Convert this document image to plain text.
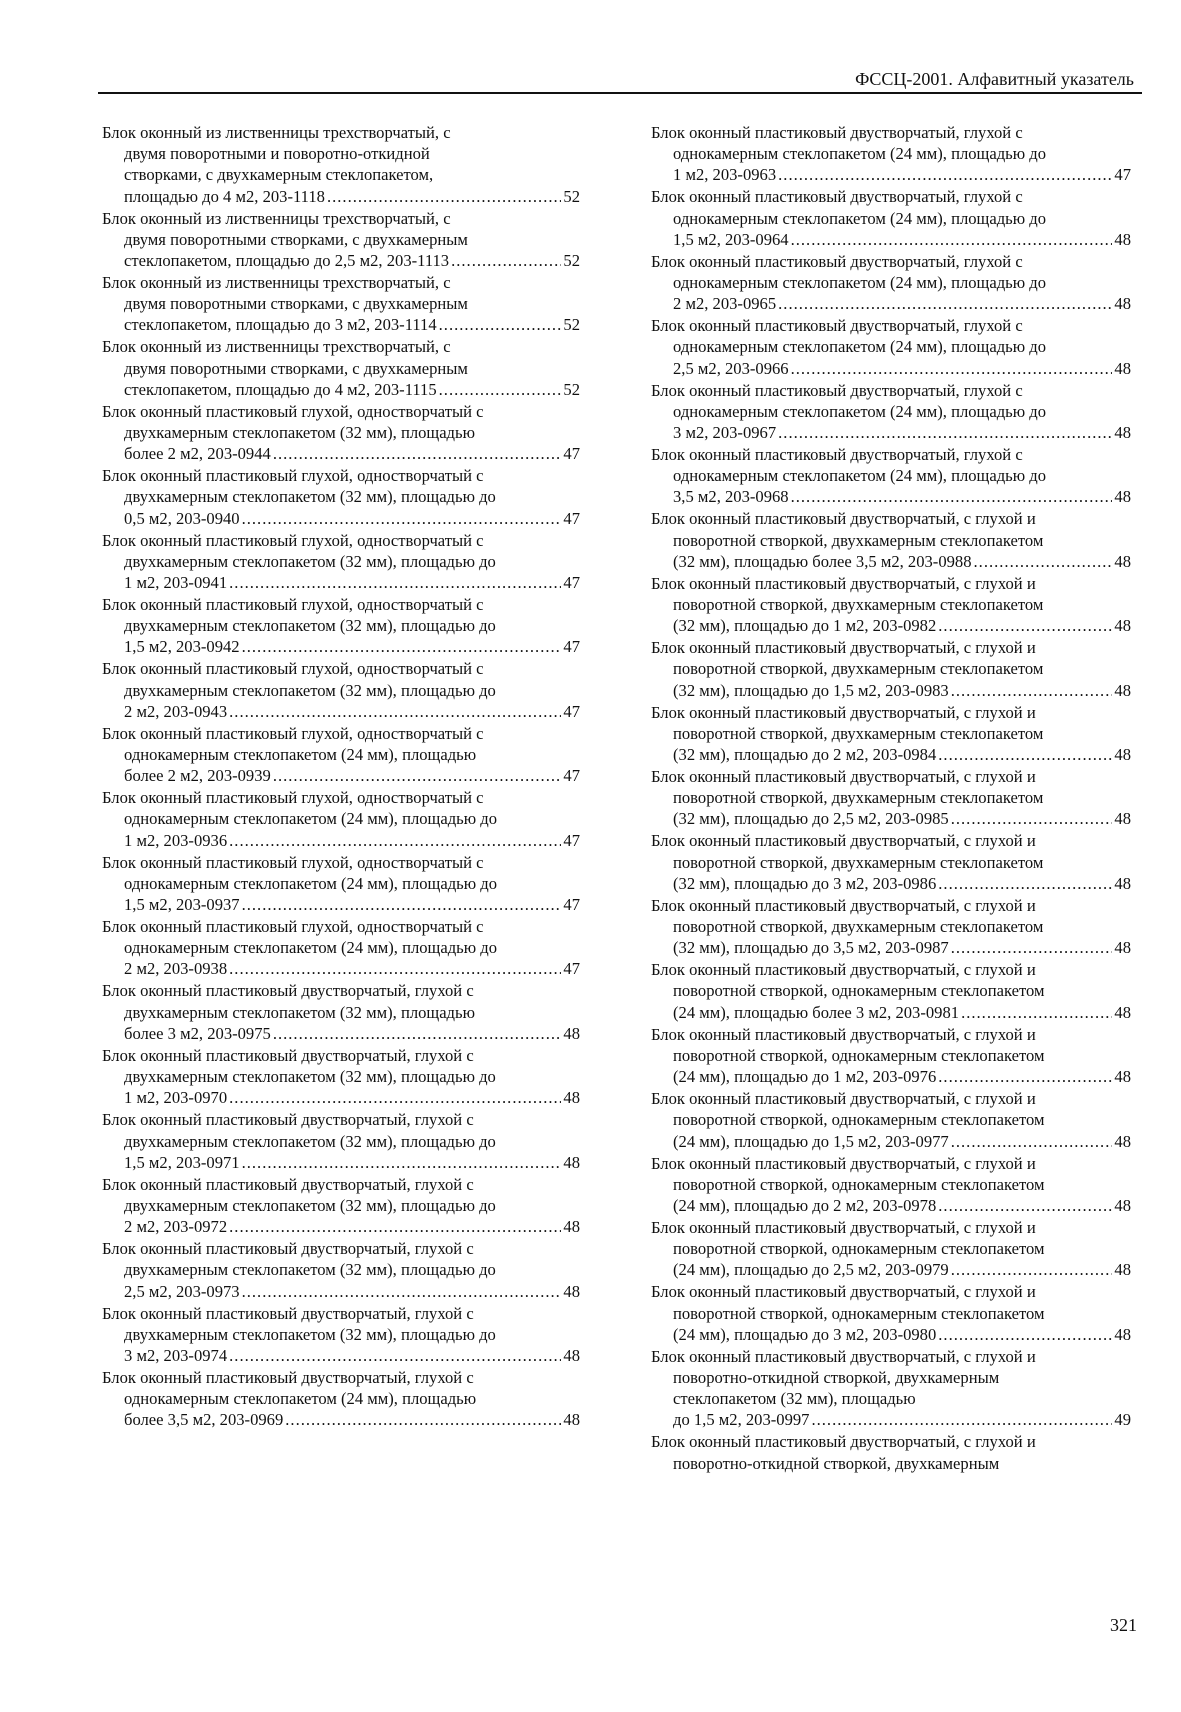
ФССЦ-2001. Алфавитный указатель
Блок оконный из лиственницы трехстворчатый, с
двумя поворотными и поворотно-откидной
створками, с двухкамерным стеклопакетом,
площадью до 4 м2, 203-1118 .....	52
Блок оконный из лиственницы трехстворчатый, с
двумя поворотными створками, с двухкамерным
стеклопакетом, площадью до 2,5 м2, 203-1113 .....	52
Блок оконный из лиственницы трехстворчатый, с
двумя поворотными створками, с двухкамерным
стеклопакетом, площадью до 3 м2, 203-1114 .....	52
Блок оконный из лиственницы трехстворчатый, с
двумя поворотными створками, с двухкамерным
стеклопакетом, площадью до 4 м2, 203-1115 .....	52
Блок оконный пластиковый глухой, одностворчатый с
двухкамерным стеклопакетом (32 мм), площадью
более 2 м2, 203-0944 .....	47
Блок оконный пластиковый глухой, одностворчатый с
двухкамерным стеклопакетом (32 мм), площадью до
0,5 м2, 203-0940 .....	47
Блок оконный пластиковый глухой, одностворчатый с
двухкамерным стеклопакетом (32 мм), площадью до
1 м2, 203-0941 .....	47
Блок оконный пластиковый глухой, одностворчатый с
двухкамерным стеклопакетом (32 мм), площадью до
1,5 м2, 203-0942 .....	47
Блок оконный пластиковый глухой, одностворчатый с
двухкамерным стеклопакетом (32 мм), площадью до
2 м2, 203-0943 .....	47
Блок оконный пластиковый глухой, одностворчатый с
однокамерным стеклопакетом (24 мм), площадью
более 2 м2, 203-0939 .....	47
Блок оконный пластиковый глухой, одностворчатый с
однокамерным стеклопакетом (24 мм), площадью до
1 м2, 203-0936 .....	47
Блок оконный пластиковый глухой, одностворчатый с
однокамерным стеклопакетом (24 мм), площадью до
1,5 м2, 203-0937 .....	47
Блок оконный пластиковый глухой, одностворчатый с
однокамерным стеклопакетом (24 мм), площадью до
2 м2, 203-0938 .....	47
Блок оконный пластиковый двустворчатый, глухой с
двухкамерным стеклопакетом (32 мм), площадью
более 3 м2, 203-0975 .....	48
Блок оконный пластиковый двустворчатый, глухой с
двухкамерным стеклопакетом (32 мм), площадью до
1 м2, 203-0970 .....	48
Блок оконный пластиковый двустворчатый, глухой с
двухкамерным стеклопакетом (32 мм), площадью до
1,5 м2, 203-0971 .....	48
Блок оконный пластиковый двустворчатый, глухой с
двухкамерным стеклопакетом (32 мм), площадью до
2 м2, 203-0972 .....	48
Блок оконный пластиковый двустворчатый, глухой с
двухкамерным стеклопакетом (32 мм), площадью до
2,5 м2, 203-0973 .....	48
Блок оконный пластиковый двустворчатый, глухой с
двухкамерным стеклопакетом (32 мм), площадью до
3 м2, 203-0974 .....	48
Блок оконный пластиковый двустворчатый, глухой с
однокамерным стеклопакетом (24 мм), площадью
более 3,5 м2, 203-0969 .....	48
Блок оконный пластиковый двустворчатый, глухой с
однокамерным стеклопакетом (24 мм), площадью до
1 м2, 203-0963 .....	47
Блок оконный пластиковый двустворчатый, глухой с
однокамерным стеклопакетом (24 мм), площадью до
1,5 м2, 203-0964 .....	48
Блок оконный пластиковый двустворчатый, глухой с
однокамерным стеклопакетом (24 мм), площадью до
2 м2, 203-0965 .....	48
Блок оконный пластиковый двустворчатый, глухой с
однокамерным стеклопакетом (24 мм), площадью до
2,5 м2, 203-0966 .....	48
Блок оконный пластиковый двустворчатый, глухой с
однокамерным стеклопакетом (24 мм), площадью до
3 м2, 203-0967 .....	48
Блок оконный пластиковый двустворчатый, глухой с
однокамерным стеклопакетом (24 мм), площадью до
3,5 м2, 203-0968 .....	48
Блок оконный пластиковый двустворчатый, с глухой и
поворотной створкой, двухкамерным стеклопакетом
(32 мм), площадью более 3,5 м2, 203-0988 .....	48
Блок оконный пластиковый двустворчатый, с глухой и
поворотной створкой, двухкамерным стеклопакетом
(32 мм), площадью до 1 м2, 203-0982 .....	48
Блок оконный пластиковый двустворчатый, с глухой и
поворотной створкой, двухкамерным стеклопакетом
(32 мм), площадью до 1,5 м2, 203-0983 .....	48
Блок оконный пластиковый двустворчатый, с глухой и
поворотной створкой, двухкамерным стеклопакетом
(32 мм), площадью до 2 м2, 203-0984 .....	48
Блок оконный пластиковый двустворчатый, с глухой и
поворотной створкой, двухкамерным стеклопакетом
(32 мм), площадью до 2,5 м2, 203-0985 .....	48
Блок оконный пластиковый двустворчатый, с глухой и
поворотной створкой, двухкамерным стеклопакетом
(32 мм), площадью до 3 м2, 203-0986 .....	48
Блок оконный пластиковый двустворчатый, с глухой и
поворотной створкой, двухкамерным стеклопакетом
(32 мм), площадью до 3,5 м2, 203-0987 .....	48
Блок оконный пластиковый двустворчатый, с глухой и
поворотной створкой, однокамерным стеклопакетом
(24 мм), площадью более 3 м2, 203-0981 .....	48
Блок оконный пластиковый двустворчатый, с глухой и
поворотной створкой, однокамерным стеклопакетом
(24 мм), площадью до 1 м2, 203-0976 .....	48
Блок оконный пластиковый двустворчатый, с глухой и
поворотной створкой, однокамерным стеклопакетом
(24 мм), площадью до 1,5 м2, 203-0977 .....	48
Блок оконный пластиковый двустворчатый, с глухой и
поворотной створкой, однокамерным стеклопакетом
(24 мм), площадью до 2 м2, 203-0978 .....	48
Блок оконный пластиковый двустворчатый, с глухой и
поворотной створкой, однокамерным стеклопакетом
(24 мм), площадью до 2,5 м2, 203-0979 .....	48
Блок оконный пластиковый двустворчатый, с глухой и
поворотной створкой, однокамерным стеклопакетом
(24 мм), площадью до 3 м2, 203-0980 .....	48
Блок оконный пластиковый двустворчатый, с глухой и
поворотно-откидной створкой, двухкамерным
стеклопакетом (32 мм), площадью
до 1,5 м2, 203-0997 .....	49
Блок оконный пластиковый двустворчатый, с глухой и
поворотно-откидной створкой, двухкамерным
321
